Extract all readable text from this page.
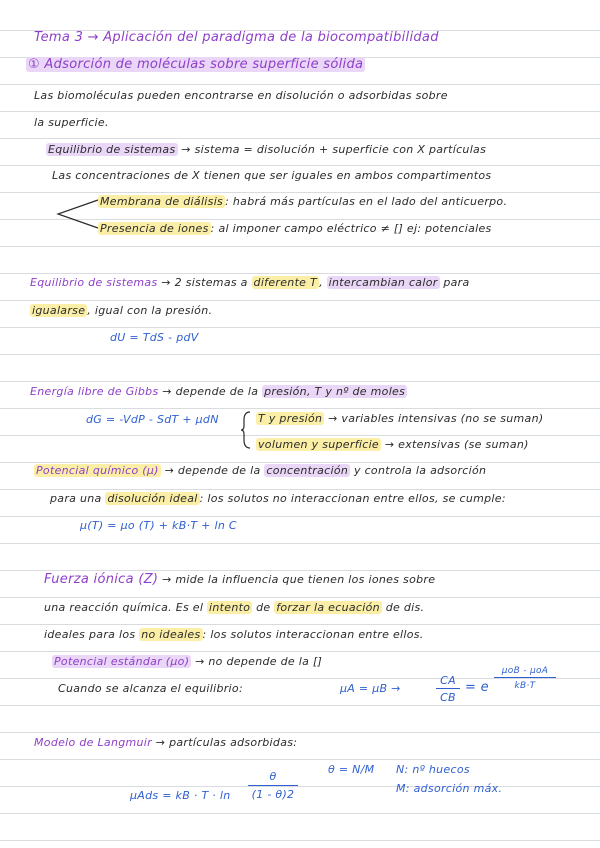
Tema 3 → Aplicación del paradigma de la biocompatibilidad
① Adsorción de moléculas sobre superficie sólida
Las biomoléculas pueden encontrarse en disolución o adsorbidas sobre
la superficie.
Equilibrio de sistemas → sistema = disolución + superficie con X partículas
Las concentraciones de X tienen que ser iguales en ambos compartimentos
Membrana de diálisis : habrá más partículas en el lado del anticuerpo.
Presencia de iones : al imponer campo eléctrico ≠ [] ej: potenciales
Equilibrio de sistemas → 2 sistemas a diferente T , intercambian calor para
igualarse , igual con la presión.
dU = TdS - pdV
Energía libre de Gibbs → depende de la presión, T y nº de moles
dG = -VdP - SdT + μdN	T y presión → variables intensivas (no se suman)
volumen y superficie → extensivas (se suman)
Potencial químico (μ) → depende de la concentración y controla la adsorción
para una disolución ideal : los solutos no interaccionan entre ellos, se cumple:
μ(T) = μo (T) + kB·T + ln C
Fuerza iónica (Z) → mide la influencia que tienen los iones sobre
una reacción química. Es el intento de forzar la ecuación de dis.
ideales para los no ideales : los solutos interaccionan entre ellos.
Potencial estándar (μo) → no depende de la []
Cuando se alcanza el equilibrio:	μA = μB →
CA
CB
= e
μoB - μoA
kB·T
Modelo de Langmuir → partículas adsorbidas:
θ = N/M N: nº huecos
M: adsorción máx.
μAds = kB · T · ln
θ
(1 - θ)2
